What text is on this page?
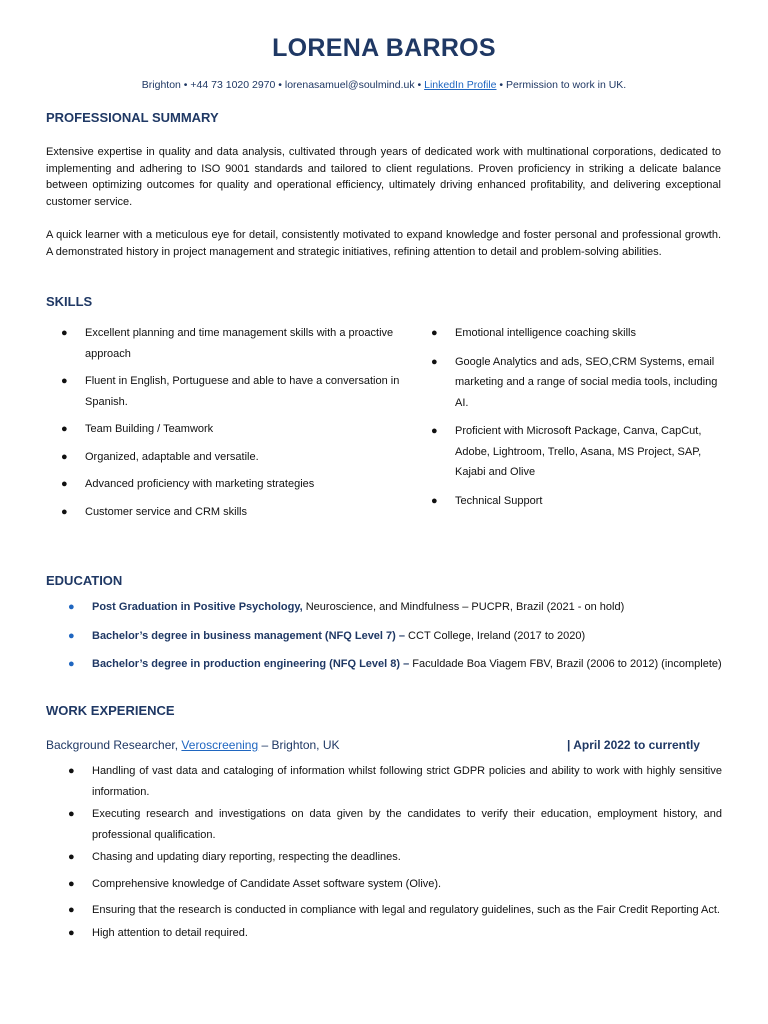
LORENA BARROS
Brighton • +44 73 1020 2970 • lorenasamuel@soulmind.uk • LinkedIn Profile • Permission to work in UK.
PROFESSIONAL SUMMARY

Extensive expertise in quality and data analysis, cultivated through years of dedicated work with multinational corporations, dedicated to implementing and adhering to ISO 9001 standards and tailored to client regulations. Proven proficiency in striking a delicate balance between optimizing outcomes for quality and operational efficiency, ultimately driving enhanced profitability, and delivering exceptional customer service.

A quick learner with a meticulous eye for detail, consistently motivated to expand knowledge and foster personal and professional growth. A demonstrated history in project management and strategic initiatives, refining attention to detail and problem-solving abilities.

SKILLS
● Excellent planning and time management skills with a proactive approach
● Fluent in English, Portuguese and able to have a conversation in Spanish.
● Team Building / Teamwork
● Organized, adaptable and versatile.
● Advanced proficiency with marketing strategies
● Customer service and CRM skills
● Emotional intelligence coaching skills
● Google Analytics and ads, SEO,CRM Systems, email marketing and a range of social media tools, including AI.
● Proficient with Microsoft Package, Canva, CapCut, Adobe, Lightroom, Trello, Asana, MS Project, SAP, Kajabi and Olive
● Technical Support
EDUCATION
● Post Graduation in Positive Psychology, Neuroscience, and Mindfulness – PUCPR, Brazil (2021 - on hold)
● Bachelor’s degree in business management (NFQ Level 7) – CCT College, Ireland (2017 to 2020)
● Bachelor’s degree in production engineering (NFQ Level 8) – Faculdade Boa Viagem FBV, Brazil (2006 to 2012) (incomplete)
WORK EXPERIENCE
Background Researcher, Veroscreening – Brighton, UK	| April 2022 to currently
● Handling of vast data and cataloging of information whilst following strict GDPR policies and ability to work with highly sensitive information.
● Executing research and investigations on data given by the candidates to verify their education, employment history, and professional qualification.
● Chasing and updating diary reporting, respecting the deadlines.
● Comprehensive knowledge of Candidate Asset software system (Olive).
● Ensuring that the research is conducted in compliance with legal and regulatory guidelines, such as the Fair Credit Reporting Act.
● High attention to detail required.
